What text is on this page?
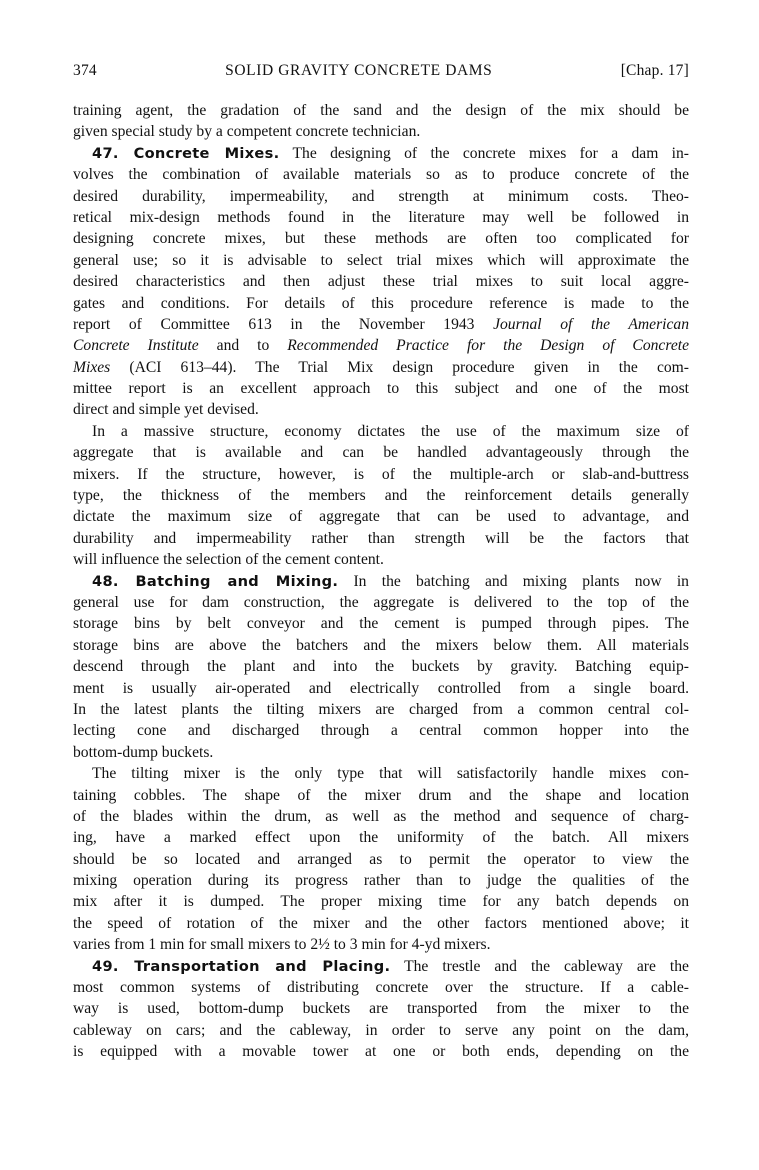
374	SOLID GRAVITY CONCRETE DAMS	[Chap. 17]
training agent, the gradation of the sand and the design of the mix should be
given special study by a competent concrete technician.
47. Concrete Mixes. The designing of the concrete mixes for a dam in-
volves the combination of available materials so as to produce concrete of the
desired durability, impermeability, and strength at minimum costs. Theo-
retical mix-design methods found in the literature may well be followed in
designing concrete mixes, but these methods are often too complicated for
general use; so it is advisable to select trial mixes which will approximate the
desired characteristics and then adjust these trial mixes to suit local aggre-
gates and conditions. For details of this procedure reference is made to the
report of Committee 613 in the November 1943 Journal of the American
Concrete Institute and to Recommended Practice for the Design of Concrete
Mixes (ACI 613–44). The Trial Mix design procedure given in the com-
mittee report is an excellent approach to this subject and one of the most
direct and simple yet devised.
In a massive structure, economy dictates the use of the maximum size of
aggregate that is available and can be handled advantageously through the
mixers. If the structure, however, is of the multiple-arch or slab-and-buttress
type, the thickness of the members and the reinforcement details generally
dictate the maximum size of aggregate that can be used to advantage, and
durability and impermeability rather than strength will be the factors that
will influence the selection of the cement content.
48. Batching and Mixing. In the batching and mixing plants now in
general use for dam construction, the aggregate is delivered to the top of the
storage bins by belt conveyor and the cement is pumped through pipes. The
storage bins are above the batchers and the mixers below them. All materials
descend through the plant and into the buckets by gravity. Batching equip-
ment is usually air-operated and electrically controlled from a single board.
In the latest plants the tilting mixers are charged from a common central col-
lecting cone and discharged through a central common hopper into the
bottom-dump buckets.
The tilting mixer is the only type that will satisfactorily handle mixes con-
taining cobbles. The shape of the mixer drum and the shape and location
of the blades within the drum, as well as the method and sequence of charg-
ing, have a marked effect upon the uniformity of the batch. All mixers
should be so located and arranged as to permit the operator to view the
mixing operation during its progress rather than to judge the qualities of the
mix after it is dumped. The proper mixing time for any batch depends on
the speed of rotation of the mixer and the other factors mentioned above; it
varies from 1 min for small mixers to 2½ to 3 min for 4-yd mixers.
49. Transportation and Placing. The trestle and the cableway are the
most common systems of distributing concrete over the structure. If a cable-
way is used, bottom-dump buckets are transported from the mixer to the
cableway on cars; and the cableway, in order to serve any point on the dam,
is equipped with a movable tower at one or both ends, depending on the
